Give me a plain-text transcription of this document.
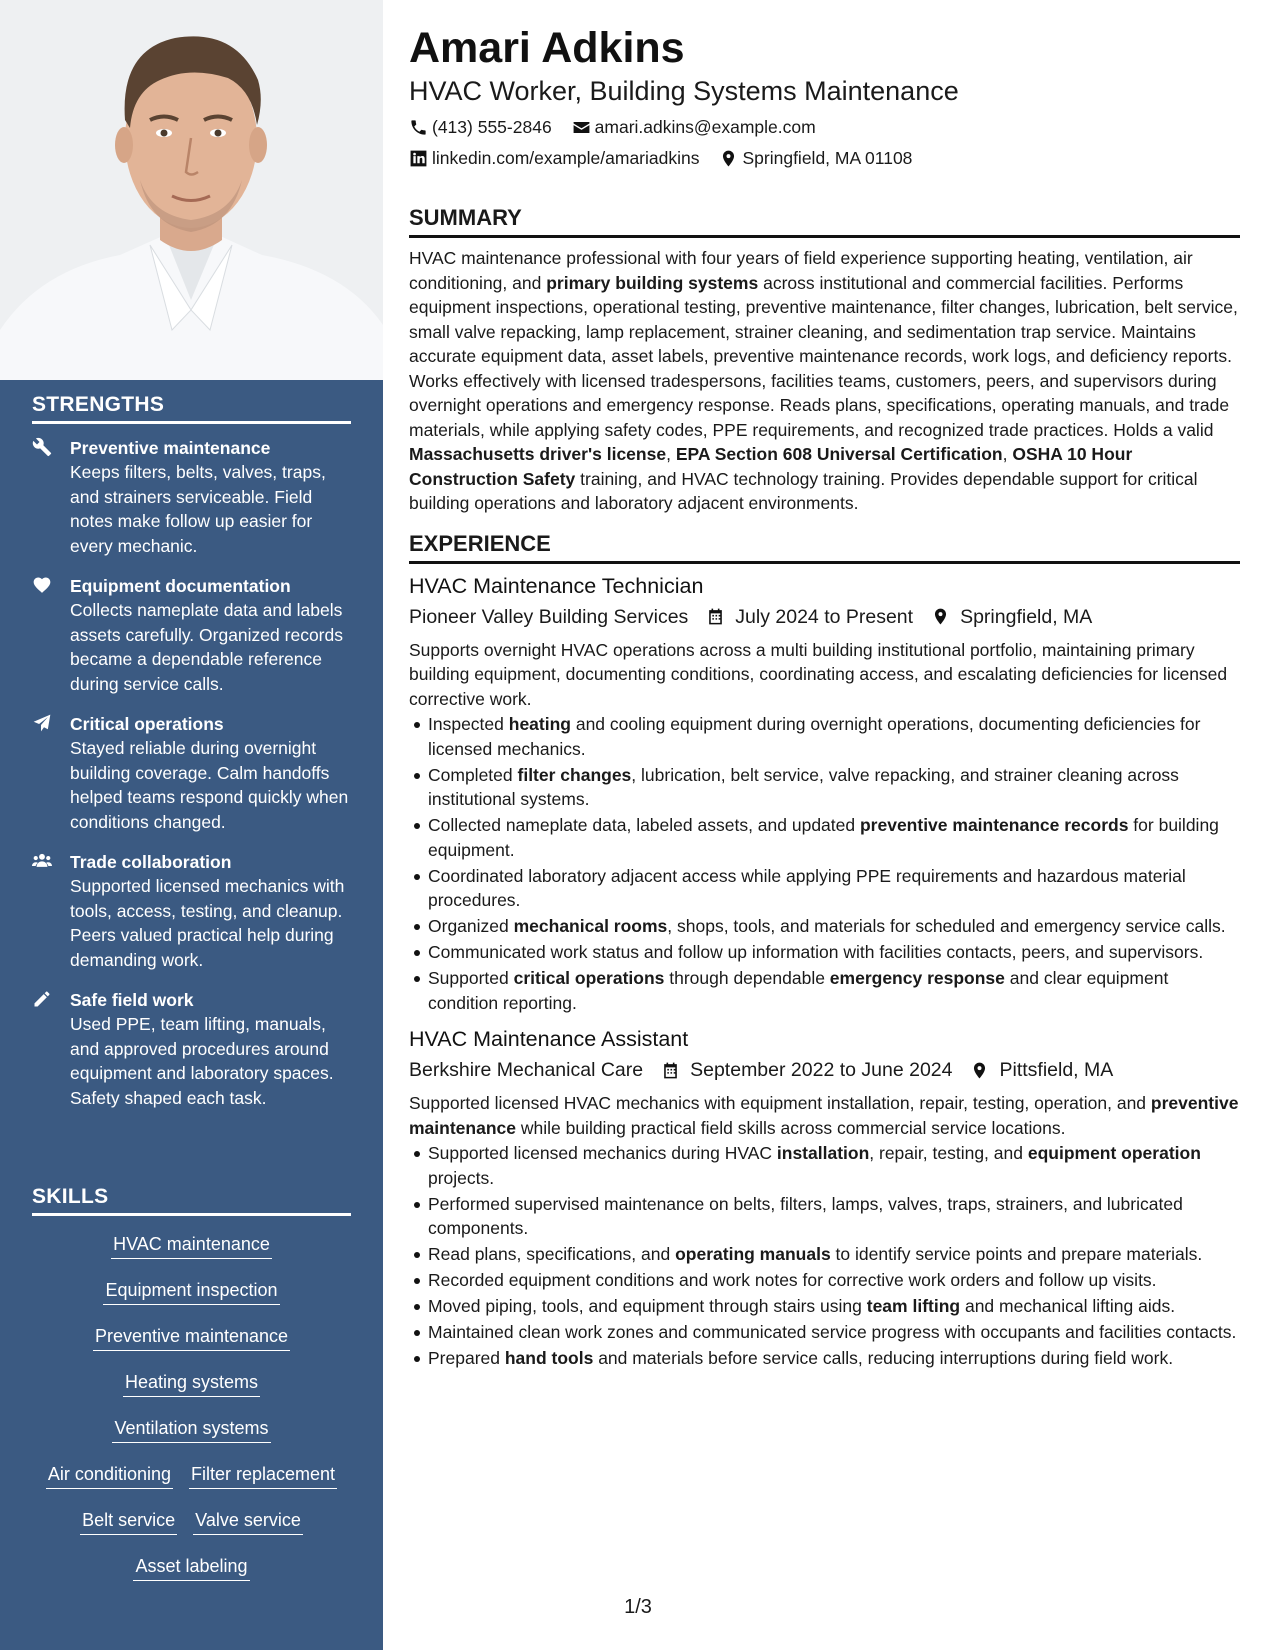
STRENGTHS
Preventive maintenance
Keeps filters, belts, valves, traps, and strainers serviceable. Field notes make follow up easier for every mechanic.
Equipment documentation
Collects nameplate data and labels assets carefully. Organized records became a dependable reference during service calls.
Critical operations
Stayed reliable during overnight building coverage. Calm handoffs helped teams respond quickly when conditions changed.
Trade collaboration
Supported licensed mechanics with tools, access, testing, and cleanup. Peers valued practical help during demanding work.
Safe field work
Used PPE, team lifting, manuals, and approved procedures around equipment and laboratory spaces. Safety shaped each task.
SKILLS
HVAC maintenance
Equipment inspection
Preventive maintenance
Heating systems
Ventilation systems
Air conditioning Filter replacement
Belt service Valve service
Asset labeling
Amari Adkins
HVAC Worker, Building Systems Maintenance
(413) 555-2846 amari.adkins@example.com
linkedin.com/example/amariadkins Springfield, MA 01108
SUMMARY
HVAC maintenance professional with four years of field experience supporting heating, ventilation, air conditioning, and primary building systems across institutional and commercial facilities. Performs equipment inspections, operational testing, preventive maintenance, filter changes, lubrication, belt service, small valve repacking, lamp replacement, strainer cleaning, and sedimentation trap service. Maintains accurate equipment data, asset labels, preventive maintenance records, work logs, and deficiency reports. Works effectively with licensed tradespersons, facilities teams, customers, peers, and supervisors during overnight operations and emergency response. Reads plans, specifications, operating manuals, and trade materials, while applying safety codes, PPE requirements, and recognized trade practices. Holds a valid Massachusetts driver's license, EPA Section 608 Universal Certification, OSHA 10 Hour Construction Safety training, and HVAC technology training. Provides dependable support for critical building operations and laboratory adjacent environments.
EXPERIENCE
HVAC Maintenance Technician
Pioneer Valley Building Services July 2024 to Present Springfield, MA
Supports overnight HVAC operations across a multi building institutional portfolio, maintaining primary building equipment, documenting conditions, coordinating access, and escalating deficiencies for licensed corrective work.
Inspected heating and cooling equipment during overnight operations, documenting deficiencies for licensed mechanics.
Completed filter changes, lubrication, belt service, valve repacking, and strainer cleaning across institutional systems.
Collected nameplate data, labeled assets, and updated preventive maintenance records for building equipment.
Coordinated laboratory adjacent access while applying PPE requirements and hazardous material procedures.
Organized mechanical rooms, shops, tools, and materials for scheduled and emergency service calls.
Communicated work status and follow up information with facilities contacts, peers, and supervisors.
Supported critical operations through dependable emergency response and clear equipment condition reporting.
HVAC Maintenance Assistant
Berkshire Mechanical Care September 2022 to June 2024 Pittsfield, MA
Supported licensed HVAC mechanics with equipment installation, repair, testing, operation, and preventive maintenance while building practical field skills across commercial service locations.
Supported licensed mechanics during HVAC installation, repair, testing, and equipment operation projects.
Performed supervised maintenance on belts, filters, lamps, valves, traps, strainers, and lubricated components.
Read plans, specifications, and operating manuals to identify service points and prepare materials.
Recorded equipment conditions and work notes for corrective work orders and follow up visits.
Moved piping, tools, and equipment through stairs using team lifting and mechanical lifting aids.
Maintained clean work zones and communicated service progress with occupants and facilities contacts.
Prepared hand tools and materials before service calls, reducing interruptions during field work.
1/3
